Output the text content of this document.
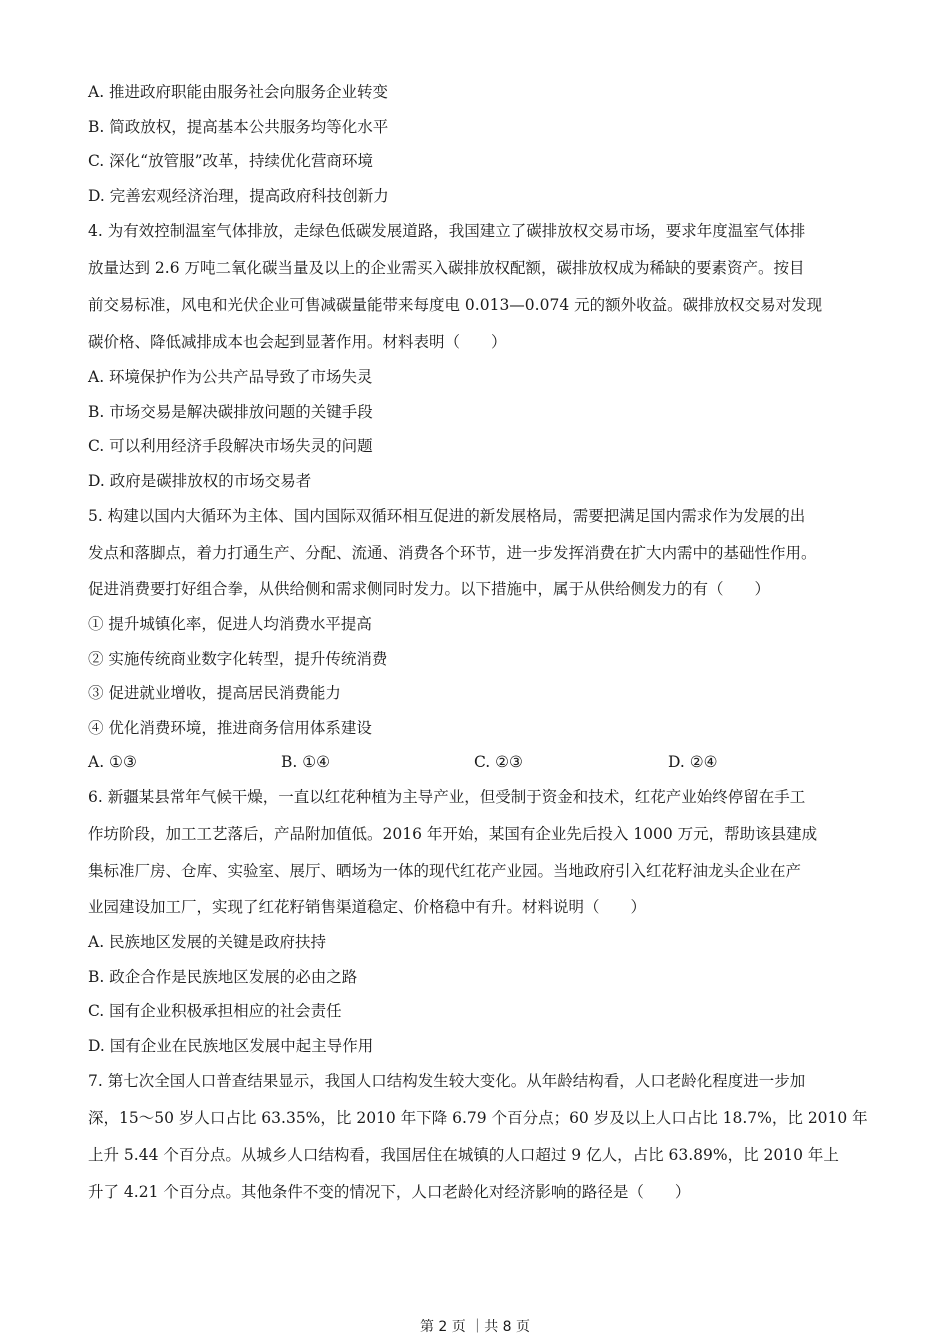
A. 推进政府职能由服务社会向服务企业转变
B. 简政放权，提高基本公共服务均等化水平
C. 深化“放管服”改革，持续优化营商环境
D. 完善宏观经济治理，提高政府科技创新力
4. 为有效控制温室气体排放，走绿色低碳发展道路，我国建立了碳排放权交易市场，要求年度温室气体排
放量达到 2.6 万吨二氧化碳当量及以上的企业需买入碳排放权配额，碳排放权成为稀缺的要素资产。按目
前交易标准，风电和光伏企业可售减碳量能带来每度电 0.013—0.074 元的额外收益。碳排放权交易对发现
碳价格、降低减排成本也会起到显著作用。材料表明（　　）
A. 环境保护作为公共产品导致了市场失灵
B. 市场交易是解决碳排放问题的关键手段
C. 可以利用经济手段解决市场失灵的问题
D. 政府是碳排放权的市场交易者
5. 构建以国内大循环为主体、国内国际双循环相互促进的新发展格局，需要把满足国内需求作为发展的出
发点和落脚点，着力打通生产、分配、流通、消费各个环节，进一步发挥消费在扩大内需中的基础性作用。
促进消费要打好组合拳，从供给侧和需求侧同时发力。以下措施中，属于从供给侧发力的有（　　）
① 提升城镇化率，促进人均消费水平提高
② 实施传统商业数字化转型，提升传统消费
③ 促进就业增收，提高居民消费能力
④ 优化消费环境，推进商务信用体系建设
A. ①③	B. ①④	C. ②③	D. ②④
6. 新疆某县常年气候干燥，一直以红花种植为主导产业，但受制于资金和技术，红花产业始终停留在手工
作坊阶段，加工工艺落后，产品附加值低。2016 年开始，某国有企业先后投入 1000 万元，帮助该县建成
集标准厂房、仓库、实验室、展厅、晒场为一体的现代红花产业园。当地政府引入红花籽油龙头企业在产
业园建设加工厂，实现了红花籽销售渠道稳定、价格稳中有升。材料说明（　　）
A. 民族地区发展的关键是政府扶持
B. 政企合作是民族地区发展的必由之路
C. 国有企业积极承担相应的社会责任
D. 国有企业在民族地区发展中起主导作用
7. 第七次全国人口普查结果显示，我国人口结构发生较大变化。从年龄结构看，人口老龄化程度进一步加
深，15～50 岁人口占比 63.35%，比 2010 年下降 6.79 个百分点；60 岁及以上人口占比 18.7%，比 2010 年
上升 5.44 个百分点。从城乡人口结构看，我国居住在城镇的人口超过 9 亿人，占比 63.89%，比 2010 年上
升了 4.21 个百分点。其他条件不变的情况下，人口老龄化对经济影响的路径是（　　）
第 2 页 ｜共 8 页
